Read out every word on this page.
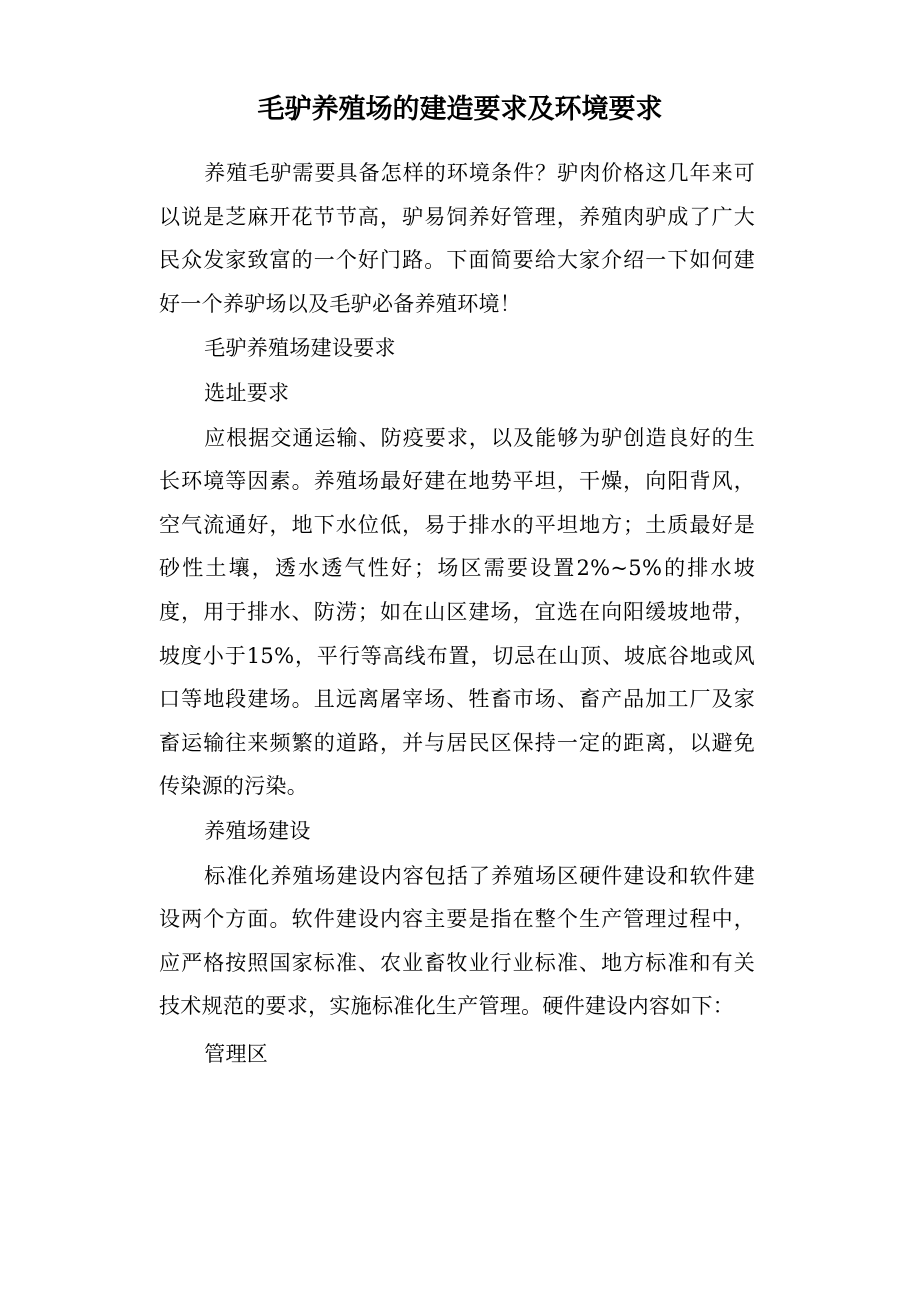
毛驴养殖场的建造要求及环境要求

养殖毛驴需要具备怎样的环境条件？驴肉价格这几年来可以说是芝麻开花节节高，驴易饲养好管理，养殖肉驴成了广大民众发家致富的一个好门路。下面简要给大家介绍一下如何建好一个养驴场以及毛驴必备养殖环境！

毛驴养殖场建设要求

选址要求

应根据交通运输、防疫要求，以及能够为驴创造良好的生长环境等因素。养殖场最好建在地势平坦，干燥，向阳背风，空气流通好，地下水位低，易于排水的平坦地方；土质最好是砂性土壤，透水透气性好；场区需要设置2%~5%的排水坡度，用于排水、防涝；如在山区建场，宜选在向阳缓坡地带，坡度小于15%，平行等高线布置，切忌在山顶、坡底谷地或风口等地段建场。且远离屠宰场、牲畜市场、畜产品加工厂及家畜运输往来频繁的道路，并与居民区保持一定的距离，以避免传染源的污染。

养殖场建设

标准化养殖场建设内容包括了养殖场区硬件建设和软件建设两个方面。软件建设内容主要是指在整个生产管理过程中，应严格按照国家标准、农业畜牧业行业标准、地方标准和有关技术规范的要求，实施标准化生产管理。硬件建设内容如下：

管理区
